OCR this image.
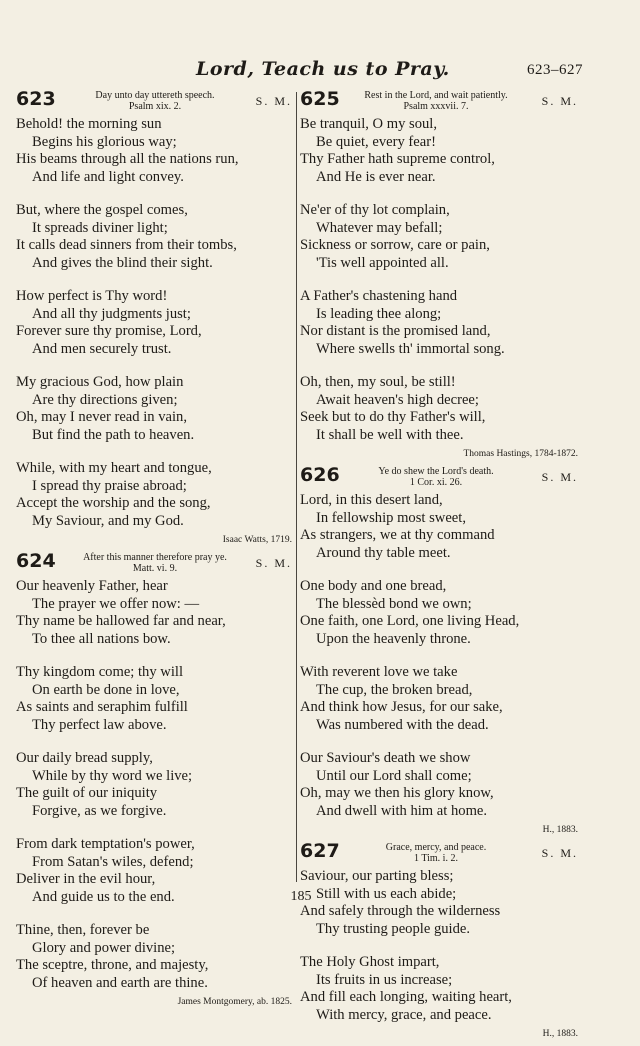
Lord, Teach us to Pray.	623–627
623	Day unto day uttereth speech.
Psalm xix. 2.	S. M.
Behold! the morning sun
Begins his glorious way;
His beams through all the nations run,
And life and light convey.
But, where the gospel comes,
It spreads diviner light;
It calls dead sinners from their tombs,
And gives the blind their sight.
How perfect is Thy word!
And all thy judgments just;
Forever sure thy promise, Lord,
And men securely trust.
My gracious God, how plain
Are thy directions given;
Oh, may I never read in vain,
But find the path to heaven.
While, with my heart and tongue,
I spread thy praise abroad;
Accept the worship and the song,
My Saviour, and my God.
Isaac Watts, 1719.
624	After this manner therefore pray ye.
Matt. vi. 9.	S. M.
Our heavenly Father, hear
The prayer we offer now: —
Thy name be hallowed far and near,
To thee all nations bow.
Thy kingdom come; thy will
On earth be done in love,
As saints and seraphim fulfill
Thy perfect law above.
Our daily bread supply,
While by thy word we live;
The guilt of our iniquity
Forgive, as we forgive.
From dark temptation's power,
From Satan's wiles, defend;
Deliver in the evil hour,
And guide us to the end.
Thine, then, forever be
Glory and power divine;
The sceptre, throne, and majesty,
Of heaven and earth are thine.
James Montgomery, ab. 1825.
625	Rest in the Lord, and wait patiently.
Psalm xxxvii. 7.	S. M.
Be tranquil, O my soul,
Be quiet, every fear!
Thy Father hath supreme control,
And He is ever near.
Ne'er of thy lot complain,
Whatever may befall;
Sickness or sorrow, care or pain,
'Tis well appointed all.
A Father's chastening hand
Is leading thee along;
Nor distant is the promised land,
Where swells th' immortal song.
Oh, then, my soul, be still!
Await heaven's high decree;
Seek but to do thy Father's will,
It shall be well with thee.
Thomas Hastings, 1784-1872.
626	Ye do shew the Lord's death.
1 Cor. xi. 26.	S. M.
Lord, in this desert land,
In fellowship most sweet,
As strangers, we at thy command
Around thy table meet.
One body and one bread,
The blessèd bond we own;
One faith, one Lord, one living Head,
Upon the heavenly throne.
With reverent love we take
The cup, the broken bread,
And think how Jesus, for our sake,
Was numbered with the dead.
Our Saviour's death we show
Until our Lord shall come;
Oh, may we then his glory know,
And dwell with him at home.
H., 1883.
627	Grace, mercy, and peace.
1 Tim. i. 2.	S. M.
Saviour, our parting bless;
Still with us each abide;
And safely through the wilderness
Thy trusting people guide.
The Holy Ghost impart,
Its fruits in us increase;
And fill each longing, waiting heart,
With mercy, grace, and peace.
H., 1883.
185
